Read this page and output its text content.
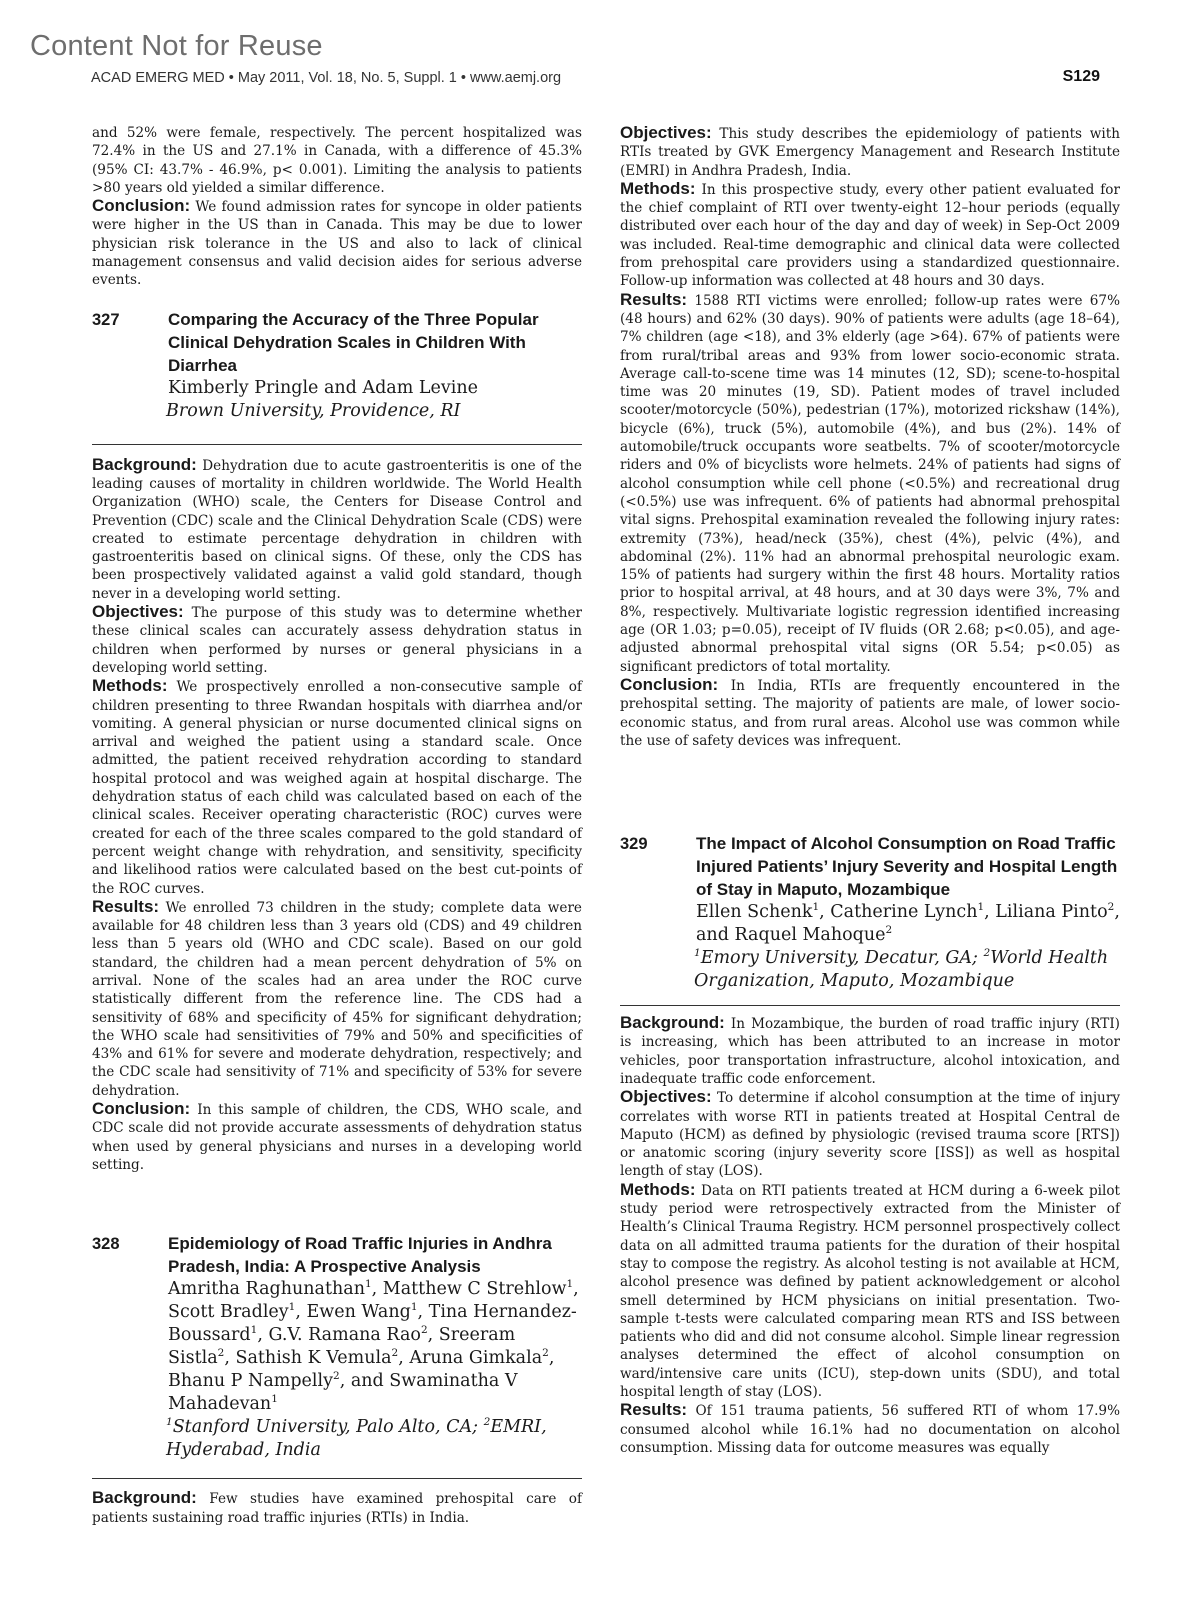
Content Not for Reuse
ACAD EMERG MED • May 2011, Vol. 18, No. 5, Suppl. 1 • www.aemj.org	S129

and 52% were female, respectively. The percent hospitalized was 72.4% in the US and 27.1% in Canada, with a difference of 45.3% (95% CI: 43.7% - 46.9%, p< 0.001). Limiting the analysis to patients >80 years old yielded a similar difference.

Conclusion: We found admission rates for syncope in older patients were higher in the US than in Canada. This may be due to lower physician risk tolerance in the US and also to lack of clinical management consensus and valid decision aides for serious adverse events.

327	Comparing the Accuracy of the Three Popular Clinical Dehydration Scales in Children With Diarrhea
Kimberly Pringle and Adam Levine
Brown University, Providence, RI

Background: Dehydration due to acute gastroenteritis is one of the leading causes of mortality in children worldwide. The World Health Organization (WHO) scale, the Centers for Disease Control and Prevention (CDC) scale and the Clinical Dehydration Scale (CDS) were created to estimate percentage dehydration in children with gastroenteritis based on clinical signs. Of these, only the CDS has been prospectively validated against a valid gold standard, though never in a developing world setting.

Objectives: The purpose of this study was to determine whether these clinical scales can accurately assess dehydration status in children when performed by nurses or general physicians in a developing world setting.

Methods: We prospectively enrolled a non-consecutive sample of children presenting to three Rwandan hospitals with diarrhea and/or vomiting. A general physician or nurse documented clinical signs on arrival and weighed the patient using a standard scale. Once admitted, the patient received rehydration according to standard hospital protocol and was weighed again at hospital discharge. The dehydration status of each child was calculated based on each of the clinical scales. Receiver operating characteristic (ROC) curves were created for each of the three scales compared to the gold standard of percent weight change with rehydration, and sensitivity, specificity and likelihood ratios were calculated based on the best cut-points of the ROC curves.

Results: We enrolled 73 children in the study; complete data were available for 48 children less than 3 years old (CDS) and 49 children less than 5 years old (WHO and CDC scale). Based on our gold standard, the children had a mean percent dehydration of 5% on arrival. None of the scales had an area under the ROC curve statistically different from the reference line. The CDS had a sensitivity of 68% and specificity of 45% for significant dehydration; the WHO scale had sensitivities of 79% and 50% and specificities of 43% and 61% for severe and moderate dehydration, respectively; and the CDC scale had sensitivity of 71% and specificity of 53% for severe dehydration.

Conclusion: In this sample of children, the CDS, WHO scale, and CDC scale did not provide accurate assessments of dehydration status when used by general physicians and nurses in a developing world setting.

328	Epidemiology of Road Traffic Injuries in Andhra Pradesh, India: A Prospective Analysis
Amritha Raghunathan$^1$, Matthew C Strehlow$^1$, Scott Bradley$^1$, Ewen Wang$^1$, Tina Hernandez-Boussard$^1$, G.V. Ramana Rao$^2$, Sreeram Sistla$^2$, Sathish K Vemula$^2$, Aruna Gimkala$^2$, Bhanu P Nampelly$^2$, and Swaminatha V Mahadevan$^1$
$^1$Stanford University, Palo Alto, CA; $^2$EMRI, Hyderabad, India

Background: Few studies have examined prehospital care of patients sustaining road traffic injuries (RTIs) in India.

Objectives: This study describes the epidemiology of patients with RTIs treated by GVK Emergency Management and Research Institute (EMRI) in Andhra Pradesh, India.

Methods: In this prospective study, every other patient evaluated for the chief complaint of RTI over twenty-eight 12–hour periods (equally distributed over each hour of the day and day of week) in Sep-Oct 2009 was included. Real-time demographic and clinical data were collected from prehospital care providers using a standardized questionnaire. Follow-up information was collected at 48 hours and 30 days.

Results: 1588 RTI victims were enrolled; follow-up rates were 67% (48 hours) and 62% (30 days). 90% of patients were adults (age 18–64), 7% children (age <18), and 3% elderly (age >64). 67% of patients were from rural/tribal areas and 93% from lower socio-economic strata. Average call-to-scene time was 14 minutes (12, SD); scene-to-hospital time was 20 minutes (19, SD). Patient modes of travel included scooter/motorcycle (50%), pedestrian (17%), motorized rickshaw (14%), bicycle (6%), truck (5%), automobile (4%), and bus (2%). 14% of automobile/truck occupants wore seatbelts. 7% of scooter/motorcycle riders and 0% of bicyclists wore helmets. 24% of patients had signs of alcohol consumption while cell phone (<0.5%) and recreational drug (<0.5%) use was infrequent. 6% of patients had abnormal prehospital vital signs. Prehospital examination revealed the following injury rates: extremity (73%), head/neck (35%), chest (4%), pelvic (4%), and abdominal (2%). 11% had an abnormal prehospital neurologic exam. 15% of patients had surgery within the first 48 hours. Mortality ratios prior to hospital arrival, at 48 hours, and at 30 days were 3%, 7% and 8%, respectively. Multivariate logistic regression identified increasing age (OR 1.03; p=0.05), receipt of IV fluids (OR 2.68; p<0.05), and age-adjusted abnormal prehospital vital signs (OR 5.54; p<0.05) as significant predictors of total mortality.

Conclusion: In India, RTIs are frequently encountered in the prehospital setting. The majority of patients are male, of lower socio-economic status, and from rural areas. Alcohol use was common while the use of safety devices was infrequent.

329	The Impact of Alcohol Consumption on Road Traffic Injured Patients’ Injury Severity and Hospital Length of Stay in Maputo, Mozambique
Ellen Schenk$^1$, Catherine Lynch$^1$, Liliana Pinto$^2$, and Raquel Mahoque$^2$
$^1$Emory University, Decatur, GA; $^2$World Health Organization, Maputo, Mozambique

Background: In Mozambique, the burden of road traffic injury (RTI) is increasing, which has been attributed to an increase in motor vehicles, poor transportation infrastructure, alcohol intoxication, and inadequate traffic code enforcement.

Objectives: To determine if alcohol consumption at the time of injury correlates with worse RTI in patients treated at Hospital Central de Maputo (HCM) as defined by physiologic (revised trauma score [RTS]) or anatomic scoring (injury severity score [ISS]) as well as hospital length of stay (LOS).

Methods: Data on RTI patients treated at HCM during a 6-week pilot study period were retrospectively extracted from the Minister of Health’s Clinical Trauma Registry. HCM personnel prospectively collect data on all admitted trauma patients for the duration of their hospital stay to compose the registry. As alcohol testing is not available at HCM, alcohol presence was defined by patient acknowledgement or alcohol smell determined by HCM physicians on initial presentation. Two-sample t-tests were calculated comparing mean RTS and ISS between patients who did and did not consume alcohol. Simple linear regression analyses determined the effect of alcohol consumption on ward/intensive care units (ICU), step-down units (SDU), and total hospital length of stay (LOS).

Results: Of 151 trauma patients, 56 suffered RTI of whom 17.9% consumed alcohol while 16.1% had no documentation on alcohol consumption. Missing data for outcome measures was equally
